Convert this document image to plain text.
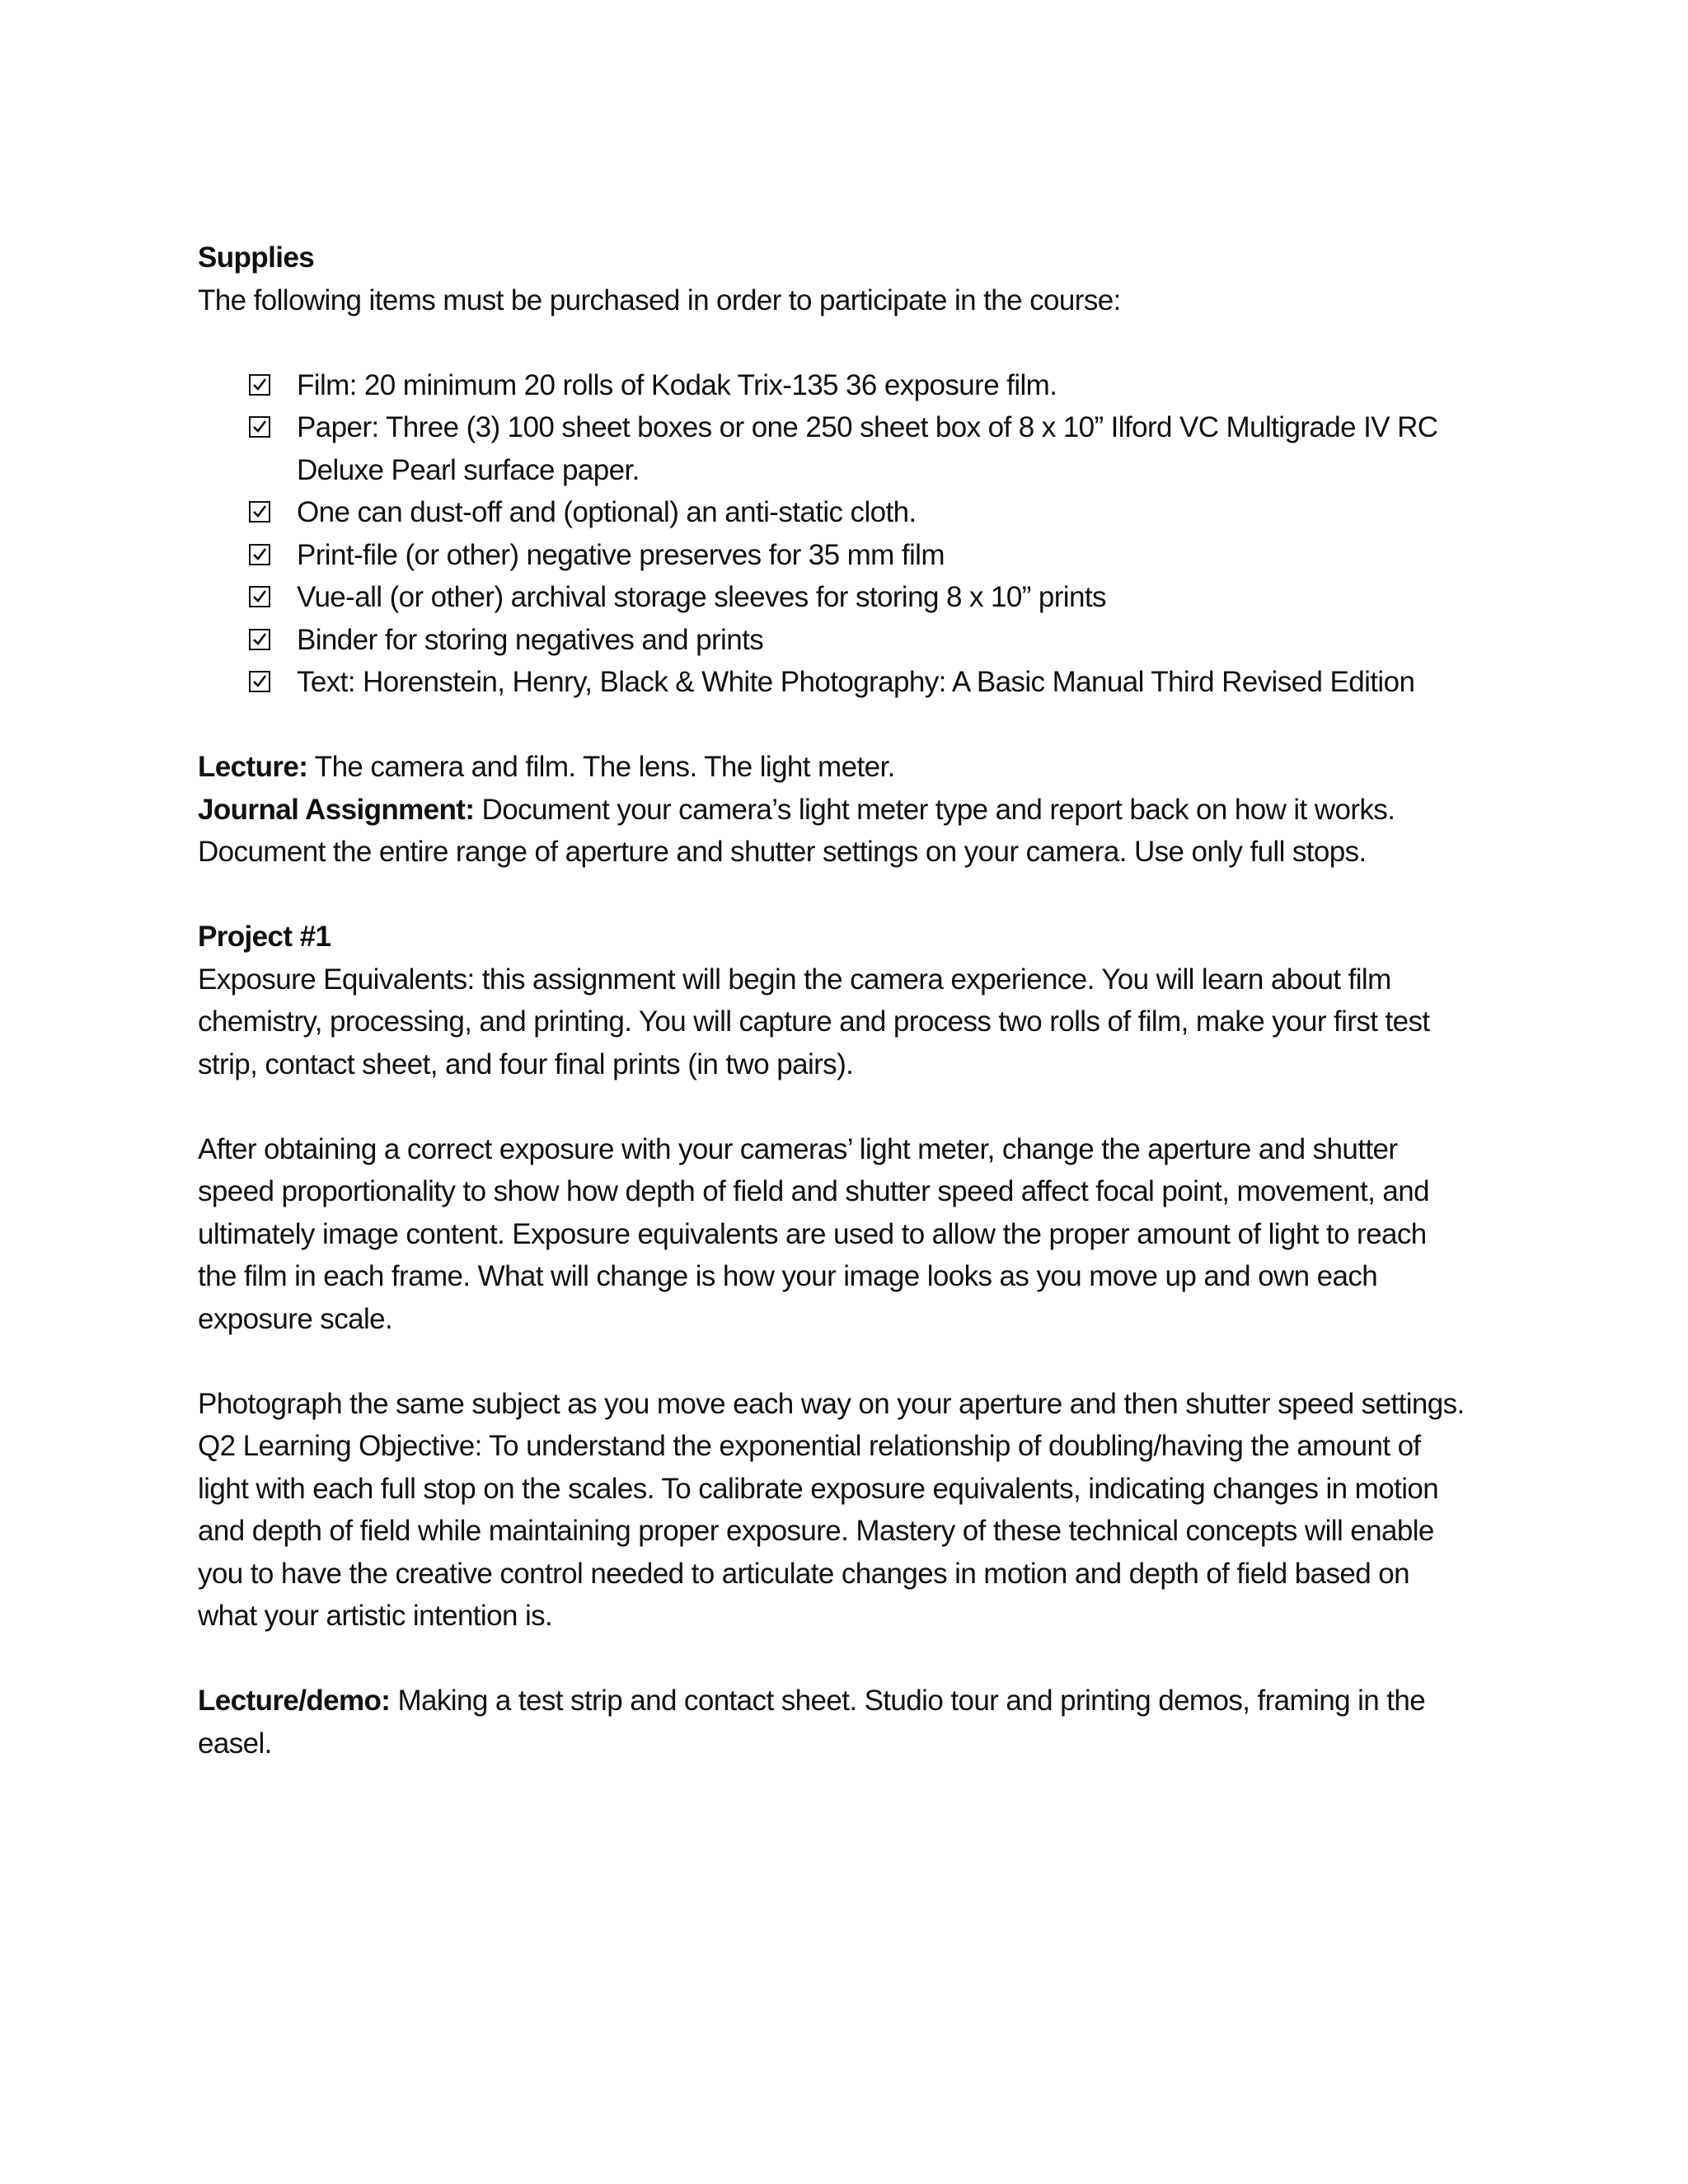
Supplies
The following items must be purchased in order to participate in the course:
Film: 20 minimum 20 rolls of Kodak Trix-135 36 exposure film.
Paper: Three (3) 100 sheet boxes or one 250 sheet box of 8 x 10” Ilford VC Multigrade IV RC
Deluxe Pearl surface paper.
One can dust-off and (optional) an anti-static cloth.
Print-file (or other) negative preserves for 35 mm film
Vue-all (or other) archival storage sleeves for storing 8 x 10” prints
Binder for storing negatives and prints
Text: Horenstein, Henry, Black & White Photography: A Basic Manual Third Revised Edition
Lecture: The camera and film. The lens. The light meter.
Journal Assignment: Document your camera’s light meter type and report back on how it works.
Document the entire range of aperture and shutter settings on your camera. Use only full stops.
Project #1
Exposure Equivalents: this assignment will begin the camera experience. You will learn about film
chemistry, processing, and printing. You will capture and process two rolls of film, make your first test
strip, contact sheet, and four final prints (in two pairs).
After obtaining a correct exposure with your cameras’ light meter, change the aperture and shutter
speed proportionality to show how depth of field and shutter speed affect focal point, movement, and
ultimately image content. Exposure equivalents are used to allow the proper amount of light to reach
the film in each frame. What will change is how your image looks as you move up and own each
exposure scale.
Photograph the same subject as you move each way on your aperture and then shutter speed settings.
Q2 Learning Objective: To understand the exponential relationship of doubling/having the amount of
light with each full stop on the scales. To calibrate exposure equivalents, indicating changes in motion
and depth of field while maintaining proper exposure. Mastery of these technical concepts will enable
you to have the creative control needed to articulate changes in motion and depth of field based on
what your artistic intention is.
Lecture/demo: Making a test strip and contact sheet. Studio tour and printing demos, framing in the
easel.
